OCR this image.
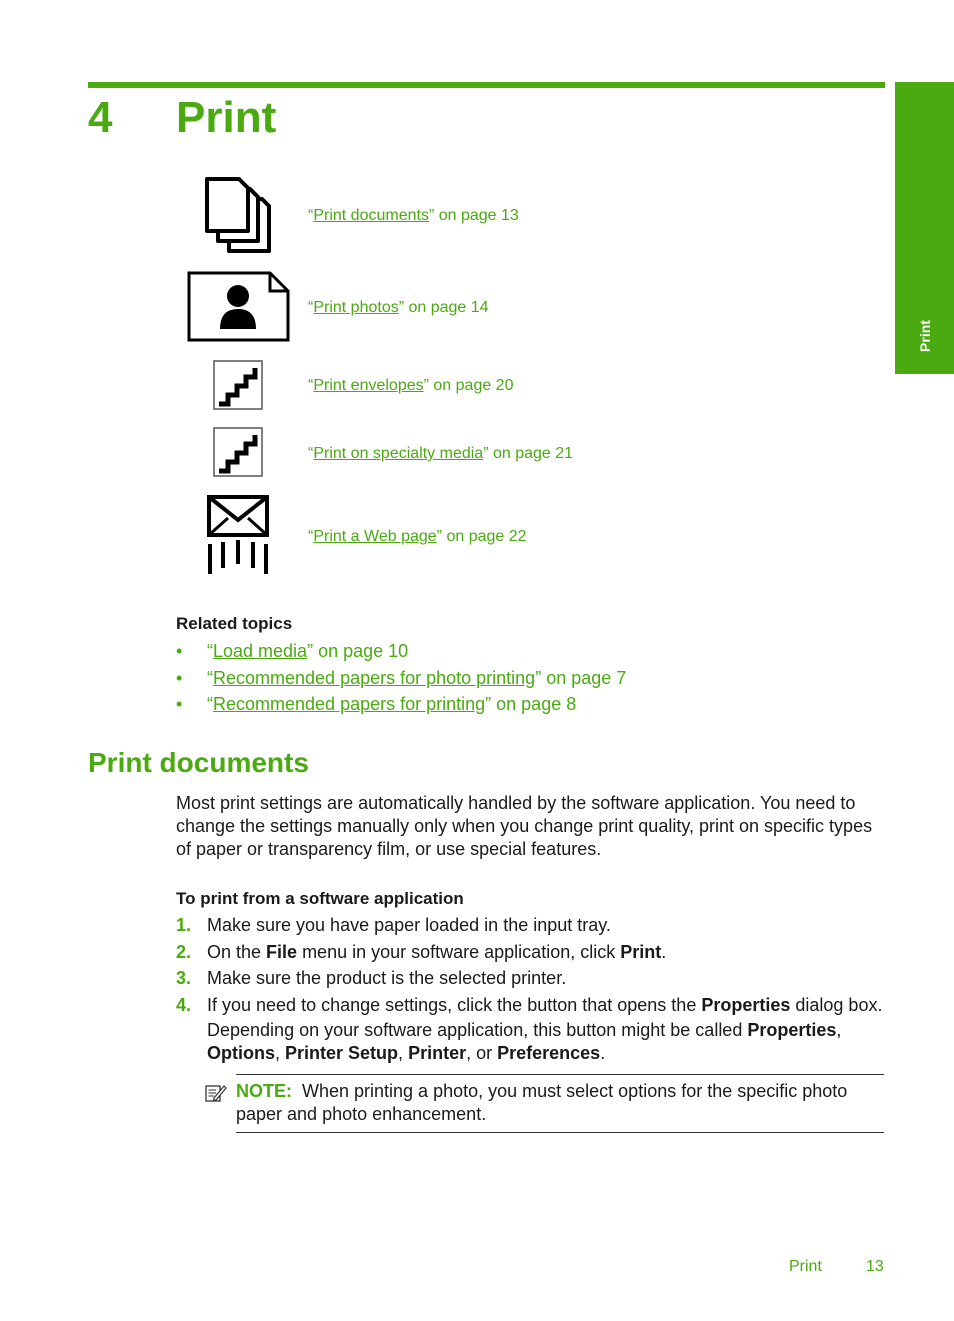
4 Print
Print
“Print documents” on page 13
“Print photos” on page 14
“Print envelopes” on page 20
“Print on specialty media” on page 21
“Print a Web page” on page 22
Related topics
• “Load media” on page 10
• “Recommended papers for photo printing” on page 7
• “Recommended papers for printing” on page 8
Print documents

Most print settings are automatically handled by the software application. You need to change the settings manually only when you change print quality, print on specific types of paper or transparency film, or use special features.

To print from a software application
1. Make sure you have paper loaded in the input tray.
2. On the File menu in your software application, click Print.
3. Make sure the product is the selected printer.
4. If you need to change settings, click the button that opens the Properties dialog box.
Depending on your software application, this button might be called Properties,
Options, Printer Setup, Printer, or Preferences.
NOTE: When printing a photo, you must select options for the specific photo paper and photo enhancement.
Print	13
